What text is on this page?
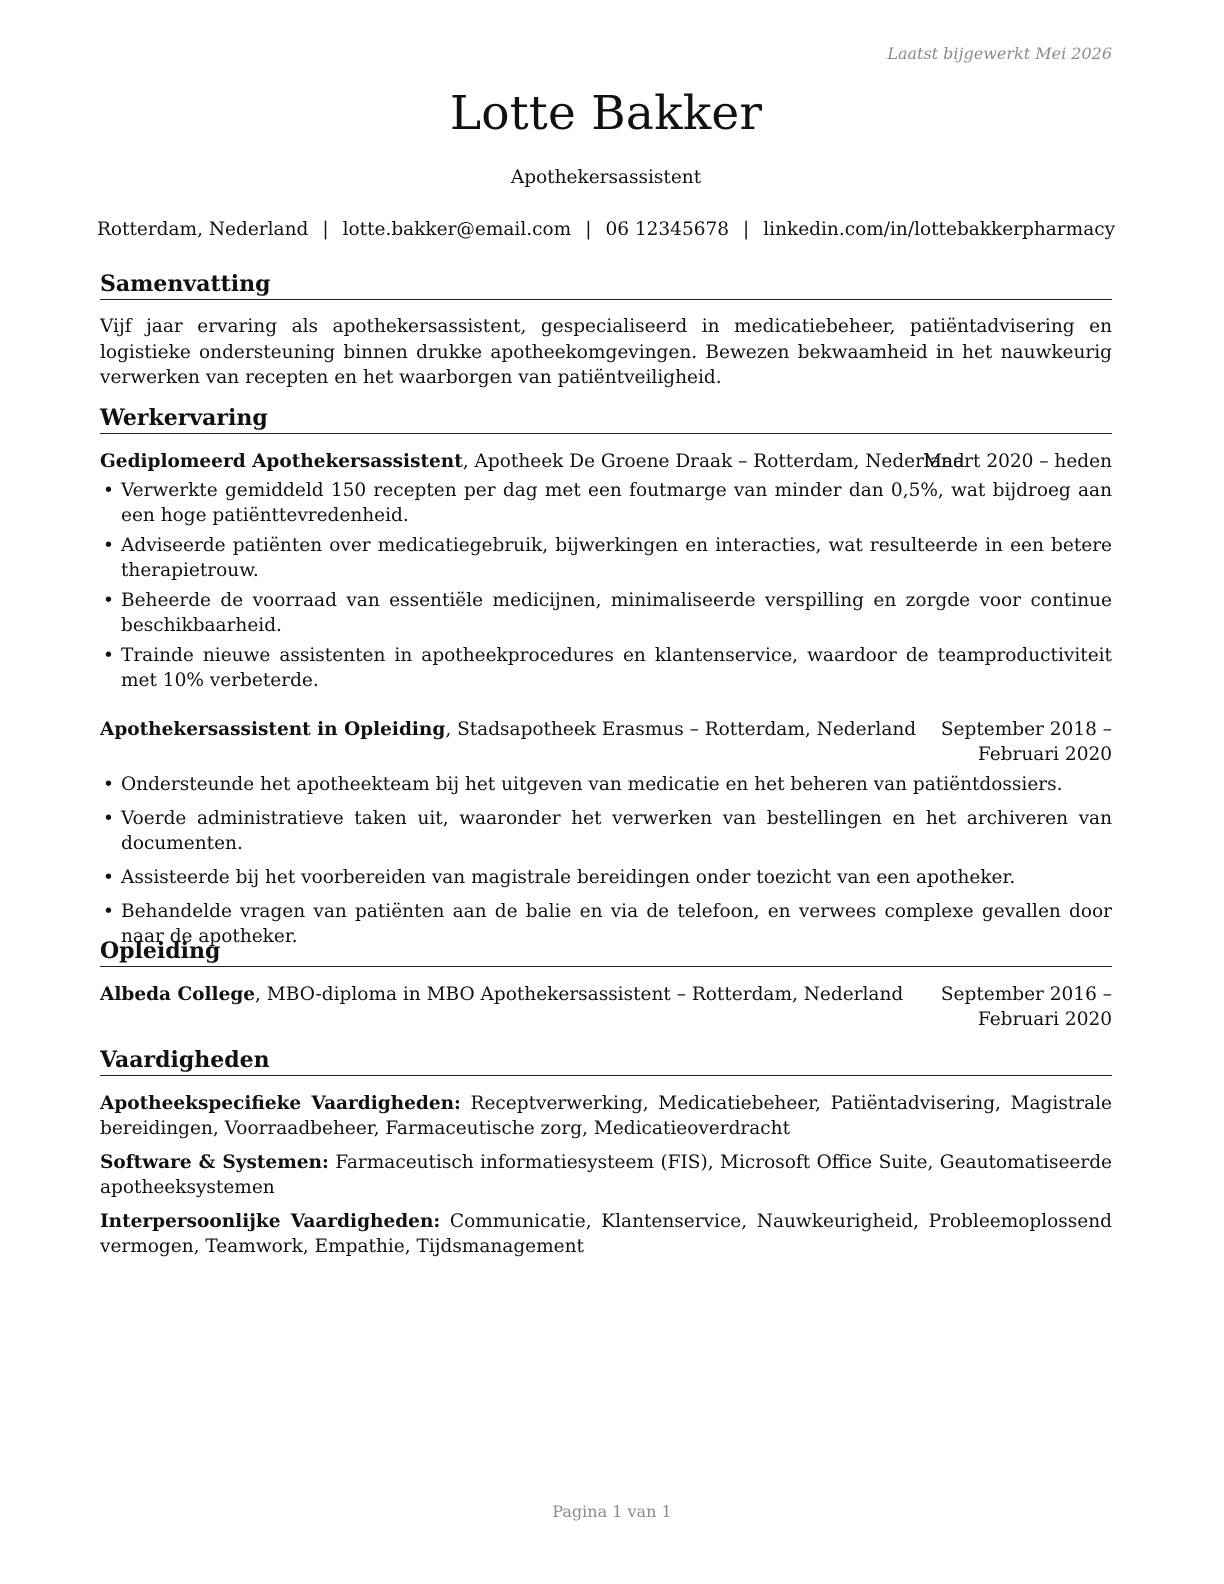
Laatst bijgewerkt Mei 2026
Lotte Bakker
Apothekersassistent
Rotterdam, Nederland | lotte.bakker@email.com | 06 12345678 | linkedin.com/in/lottebakkerpharmacy
Samenvatting

Vijf jaar ervaring als apothekersassistent, gespecialiseerd in medicatiebeheer, patiëntadvisering en logistieke ondersteuning binnen drukke apotheekomgevingen. Bewezen bekwaamheid in het nauwkeurig verwerken van recepten en het waarborgen van patiëntveiligheid.

Werkervaring
Gediplomeerd Apothekersassistent, Apotheek De Groene Draak – Rotterdam, Nederland
Maart 2020 – heden
• Verwerkte gemiddeld 150 recepten per dag met een foutmarge van minder dan 0,5%, wat bijdroeg aan een hoge patiënttevredenheid.
• Adviseerde patiënten over medicatiegebruik, bijwerkingen en interacties, wat resulteerde in een betere therapietrouw.
• Beheerde de voorraad van essentiële medicijnen, minimaliseerde verspilling en zorgde voor continue beschikbaarheid.
• Trainde nieuwe assistenten in apotheekprocedures en klantenservice, waardoor de teamproductiviteit met 10% verbeterde.
Apothekersassistent in Opleiding, Stadsapotheek Erasmus – Rotterdam, Nederland	September 2018 – Februari 2020
• Ondersteunde het apotheekteam bij het uitgeven van medicatie en het beheren van patiëntdossiers.
• Voerde administratieve taken uit, waaronder het verwerken van bestellingen en het archiveren van documenten.
• Assisteerde bij het voorbereiden van magistrale bereidingen onder toezicht van een apotheker.
• Behandelde vragen van patiënten aan de balie en via de telefoon, en verwees complexe gevallen door naar de apotheker.
Opleiding
Albeda College, MBO-diploma in MBO Apothekersassistent – Rotterdam, Nederland	September 2016 – Februari 2020
Vaardigheden

Apotheekspecifieke Vaardigheden: Receptverwerking, Medicatiebeheer, Patiëntadvisering, Magistrale bereidingen, Voorraadbeheer, Farmaceutische zorg, Medicatieoverdracht

Software & Systemen: Farmaceutisch informatiesysteem (FIS), Microsoft Office Suite, Geautomatiseerde apotheeksystemen

Interpersoonlijke Vaardigheden: Communicatie, Klantenservice, Nauwkeurigheid, Probleemoplossend vermogen, Teamwork, Empathie, Tijdsmanagement

Pagina 1 van 1
